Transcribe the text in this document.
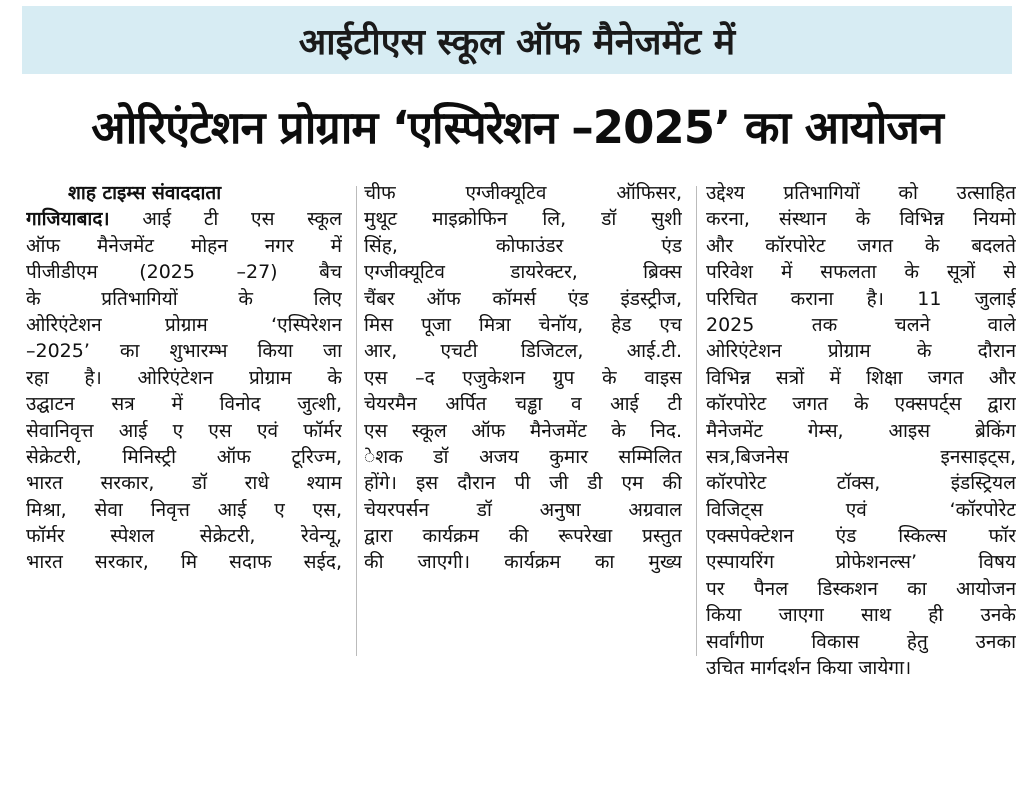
आईटीएस स्कूल ऑफ मैनेजमेंट में
ओरिएंटेशन प्रोग्राम ‘एस्पिरेशन –2025’ का आयोजन
शाह टाइम्स संवाददाता
गाजियाबाद। आई टी एस स्कूल
ऑफ मैनेजमेंट मोहन नगर में
पीजीडीएम (2025 –27) बैच
के प्रतिभागियों के लिए
ओरिएंटेशन प्रोग्राम ‘एस्पिरेशन
–2025’ का शुभारम्भ किया जा
रहा है। ओरिएंटेशन प्रोग्राम के
उद्घाटन सत्र में विनोद जुत्शी,
सेवानिवृत्त आई ए एस एवं फॉर्मर
सेक्रेटरी, मिनिस्ट्री ऑफ टूरिज्म,
भारत सरकार, डॉ राधे श्याम
मिश्रा, सेवा निवृत्त आई ए एस,
फॉर्मर स्पेशल सेक्रेटरी, रेवेन्यू,
भारत सरकार, मि सदाफ सईद,
चीफ एग्जीक्यूटिव ऑफिसर,
मुथूट माइक्रोफिन लि, डॉ सुशी
सिंह, कोफाउंडर एंड
एग्जीक्यूटिव डायरेक्टर, ब्रिक्स
चैंबर ऑफ कॉमर्स एंड इंडस्ट्रीज,
मिस पूजा मित्रा चेनॉय, हेड एच
आर, एचटी डिजिटल, आई.टी.
एस –द एजुकेशन ग्रुप के वाइस
चेयरमैन अर्पित चड्ढा व आई टी
एस स्कूल ऑफ मैनेजमेंट के निद.
ेशक डॉ अजय कुमार सम्मिलित
होंगे। इस दौरान पी जी डी एम की
चेयरपर्सन डॉ अनुषा अग्रवाल
द्वारा कार्यक्रम की रूपरेखा प्रस्तुत
की जाएगी। कार्यक्रम का मुख्य
उद्देश्य प्रतिभागियों को उत्साहित
करना, संस्थान के विभिन्न नियमो
और कॉरपोरेट जगत के बदलते
परिवेश में सफलता के सूत्रों से
परिचित कराना है। 11 जुलाई
2025 तक चलने वाले
ओरिएंटेशन प्रोग्राम के दौरान
विभिन्न सत्रों में शिक्षा जगत और
कॉरपोरेट जगत के एक्सपर्ट्स द्वारा
मैनेजमेंट गेम्स, आइस ब्रेकिंग
सत्र,बिजनेस इनसाइट्स,
कॉरपोरेट टॉक्स, इंडस्ट्रियल
विजिट्स एवं ‘कॉरपोरेट
एक्सपेक्टेशन एंड स्किल्स फॉर
एस्पायरिंग प्रोफेशनल्स’ विषय
पर पैनल डिस्कशन का आयोजन
किया जाएगा साथ ही उनके
सर्वांगीण विकास हेतु उनका
उचित मार्गदर्शन किया जायेगा।
